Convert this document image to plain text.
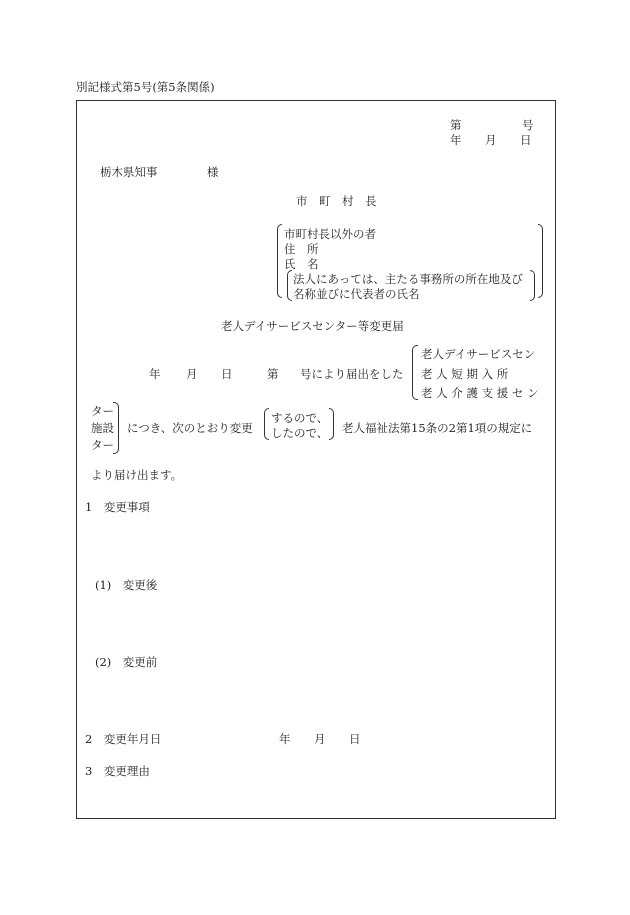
別記様式第5号(第5条関係)
第	号
年 月 日
栃木県知事	様
市　町　村　長
市町村長以外の者
住　所
氏　名
法人にあっては、主たる事務所の所在地及び
名称並びに代表者の氏名
老人デイサービスセンター等変更届
年 月 日	第 号により届出をした
老人デイサービスセン
老 人 短 期 入 所
老 人 介 護 支 援 セ ン
ター
施設
ター
につき、次のとおり変更
するので、
したので、 老人福祉法第15条の2第1項の規定に
より届け出ます。
1　変更事項
(1)　変更後
(2)　変更前
2　変更年月日	年 月 日
3　変更理由
